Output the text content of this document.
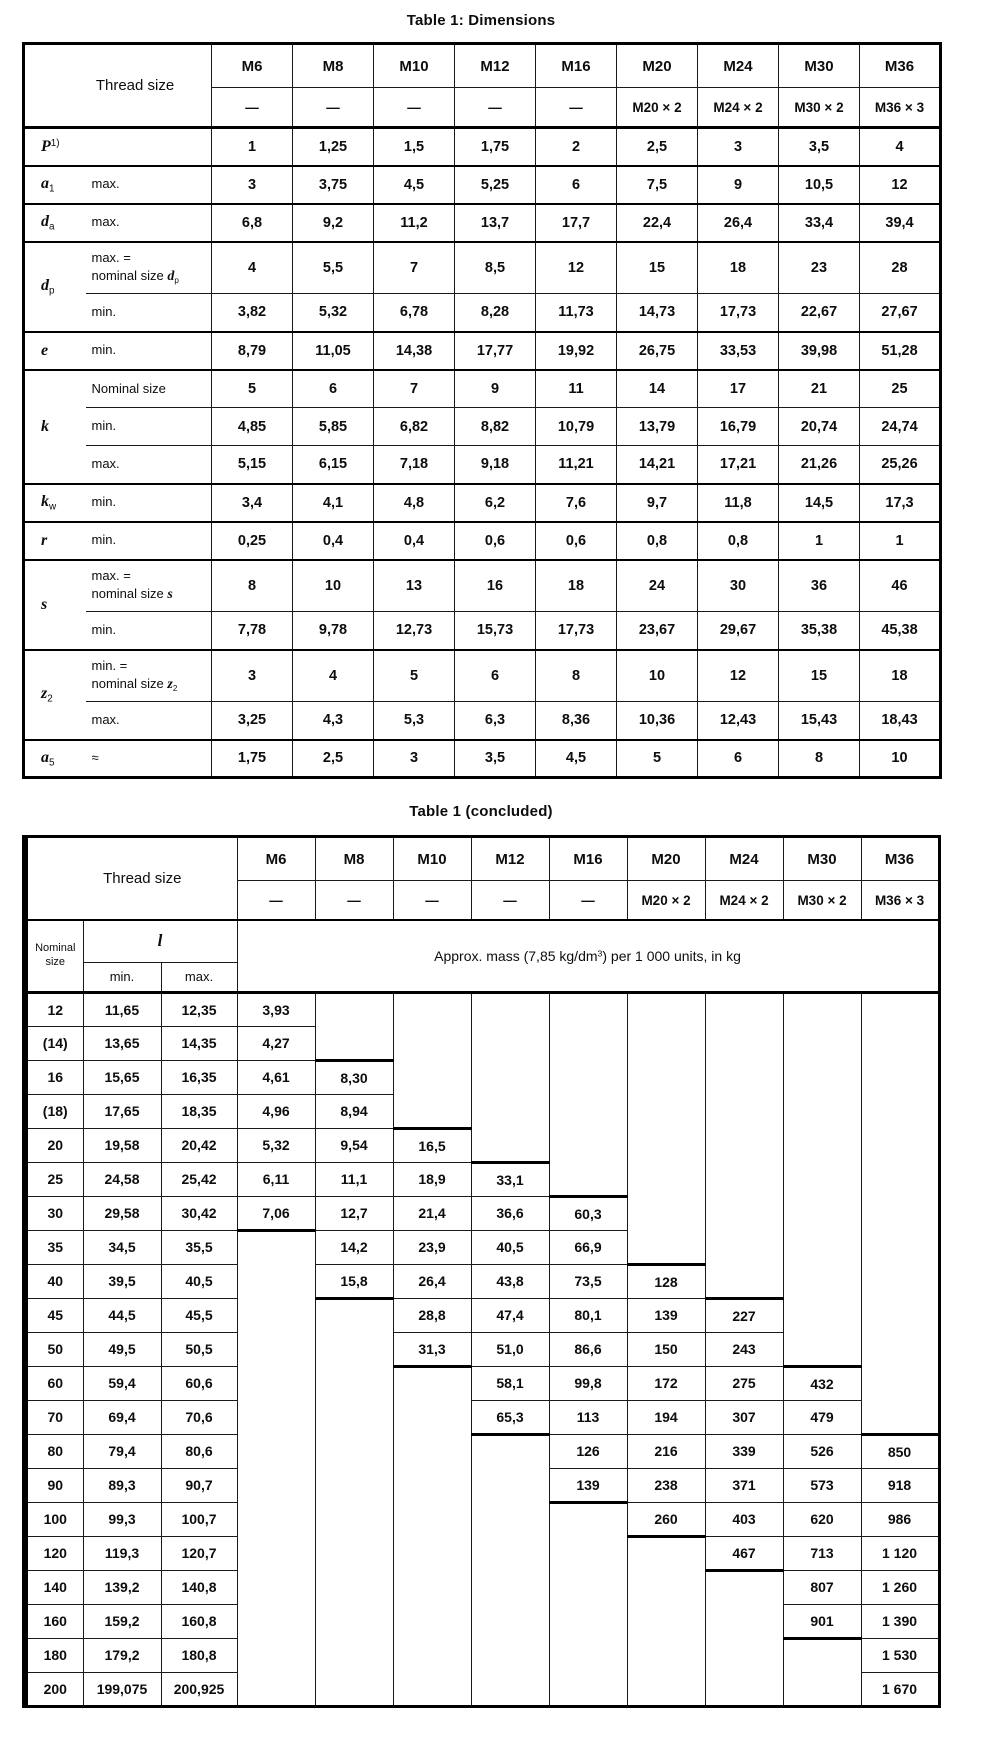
Table 1: Dimensions
Thread size		M6	M8	M10	M12	M16	M20	M24	M30	M36
		—	—	—	—	—	M20 × 2	M24 × 2	M30 × 2	M36 × 3
$P^{1)}$		1	1,25	1,5	1,75	2	2,5	3	3,5	4
$a_1$	max.	3	3,75	4,5	5,25	6	7,5	9	10,5	12
$d_a$	max.	6,8	9,2	11,2	13,7	17,7	22,4	26,4	33,4	39,4
$d_p$	max. =
nominal size $d_p$	4	5,5	7	8,5	12	15	18	23	28

	min.	3,82	5,32	6,78	8,28	11,73	14,73	17,73	22,67	27,67
e	min.	8,79	11,05	14,38	17,77	19,92	26,75	33,53	39,98	51,28
k	Nominal size	5	6	7	9	11	14	17	21	25

	min.	4,85	5,85	6,82	8,82	10,79	13,79	16,79	20,74	24,74

	max.	5,15	6,15	7,18	9,18	11,21	14,21	17,21	21,26	25,26
$k_w$	min.	3,4	4,1	4,8	6,2	7,6	9,7	11,8	14,5	17,3
r	min.	0,25	0,4	0,4	0,6	0,6	0,8	0,8	1	1
s	max. =
nominal size s	8	10	13	16	18	24	30	36	46

	min.	7,78	9,78	12,73	15,73	17,73	23,67	29,67	35,38	45,38
$z_2$	min. =
nominal size $z_2$	3	4	5	6	8	10	12	15	18

	max.	3,25	4,3	5,3	6,3	8,36	10,36	12,43	15,43	18,43
$a_5$	≈	1,75	2,5	3	3,5	4,5	5	6	8	10
Table 1 (concluded)
Thread size			M6	M8	M10	M12	M16	M20	M24	M30	M36
			—	—	—	—	—	M20 × 2	M24 × 2	M30 × 2	M36 × 3
Nominal size	l		Approx. mass (7,85 $kg/dm^3$) per 1 000 units, in kg								
	min.	max.									
12	11,65	12,35	3,93								
(14)	13,65	14,35	4,27								
16	15,65	16,35	4,61	8,30							
(18)	17,65	18,35	4,96	8,94							
20	19,58	20,42	5,32	9,54	16,5						
25	24,58	25,42	6,11	11,1	18,9	33,1					
30	29,58	30,42	7,06	12,7	21,4	36,6	60,3				
35	34,5	35,5		14,2	23,9	40,5	66,9				
40	39,5	40,5		15,8	26,4	43,8	73,5	128			
45	44,5	45,5			28,8	47,4	80,1	139	227		
50	49,5	50,5			31,3	51,0	86,6	150	243		
60	59,4	60,6				58,1	99,8	172	275	432	
70	69,4	70,6				65,3	113	194	307	479	
80	79,4	80,6					126	216	339	526	850
90	89,3	90,7					139	238	371	573	918
100	99,3	100,7						260	403	620	986
120	119,3	120,7							467	713	1 120
140	139,2	140,8								807	1 260
160	159,2	160,8								901	1 390
180	179,2	180,8									1 530
200	199,075	200,925									1 670
